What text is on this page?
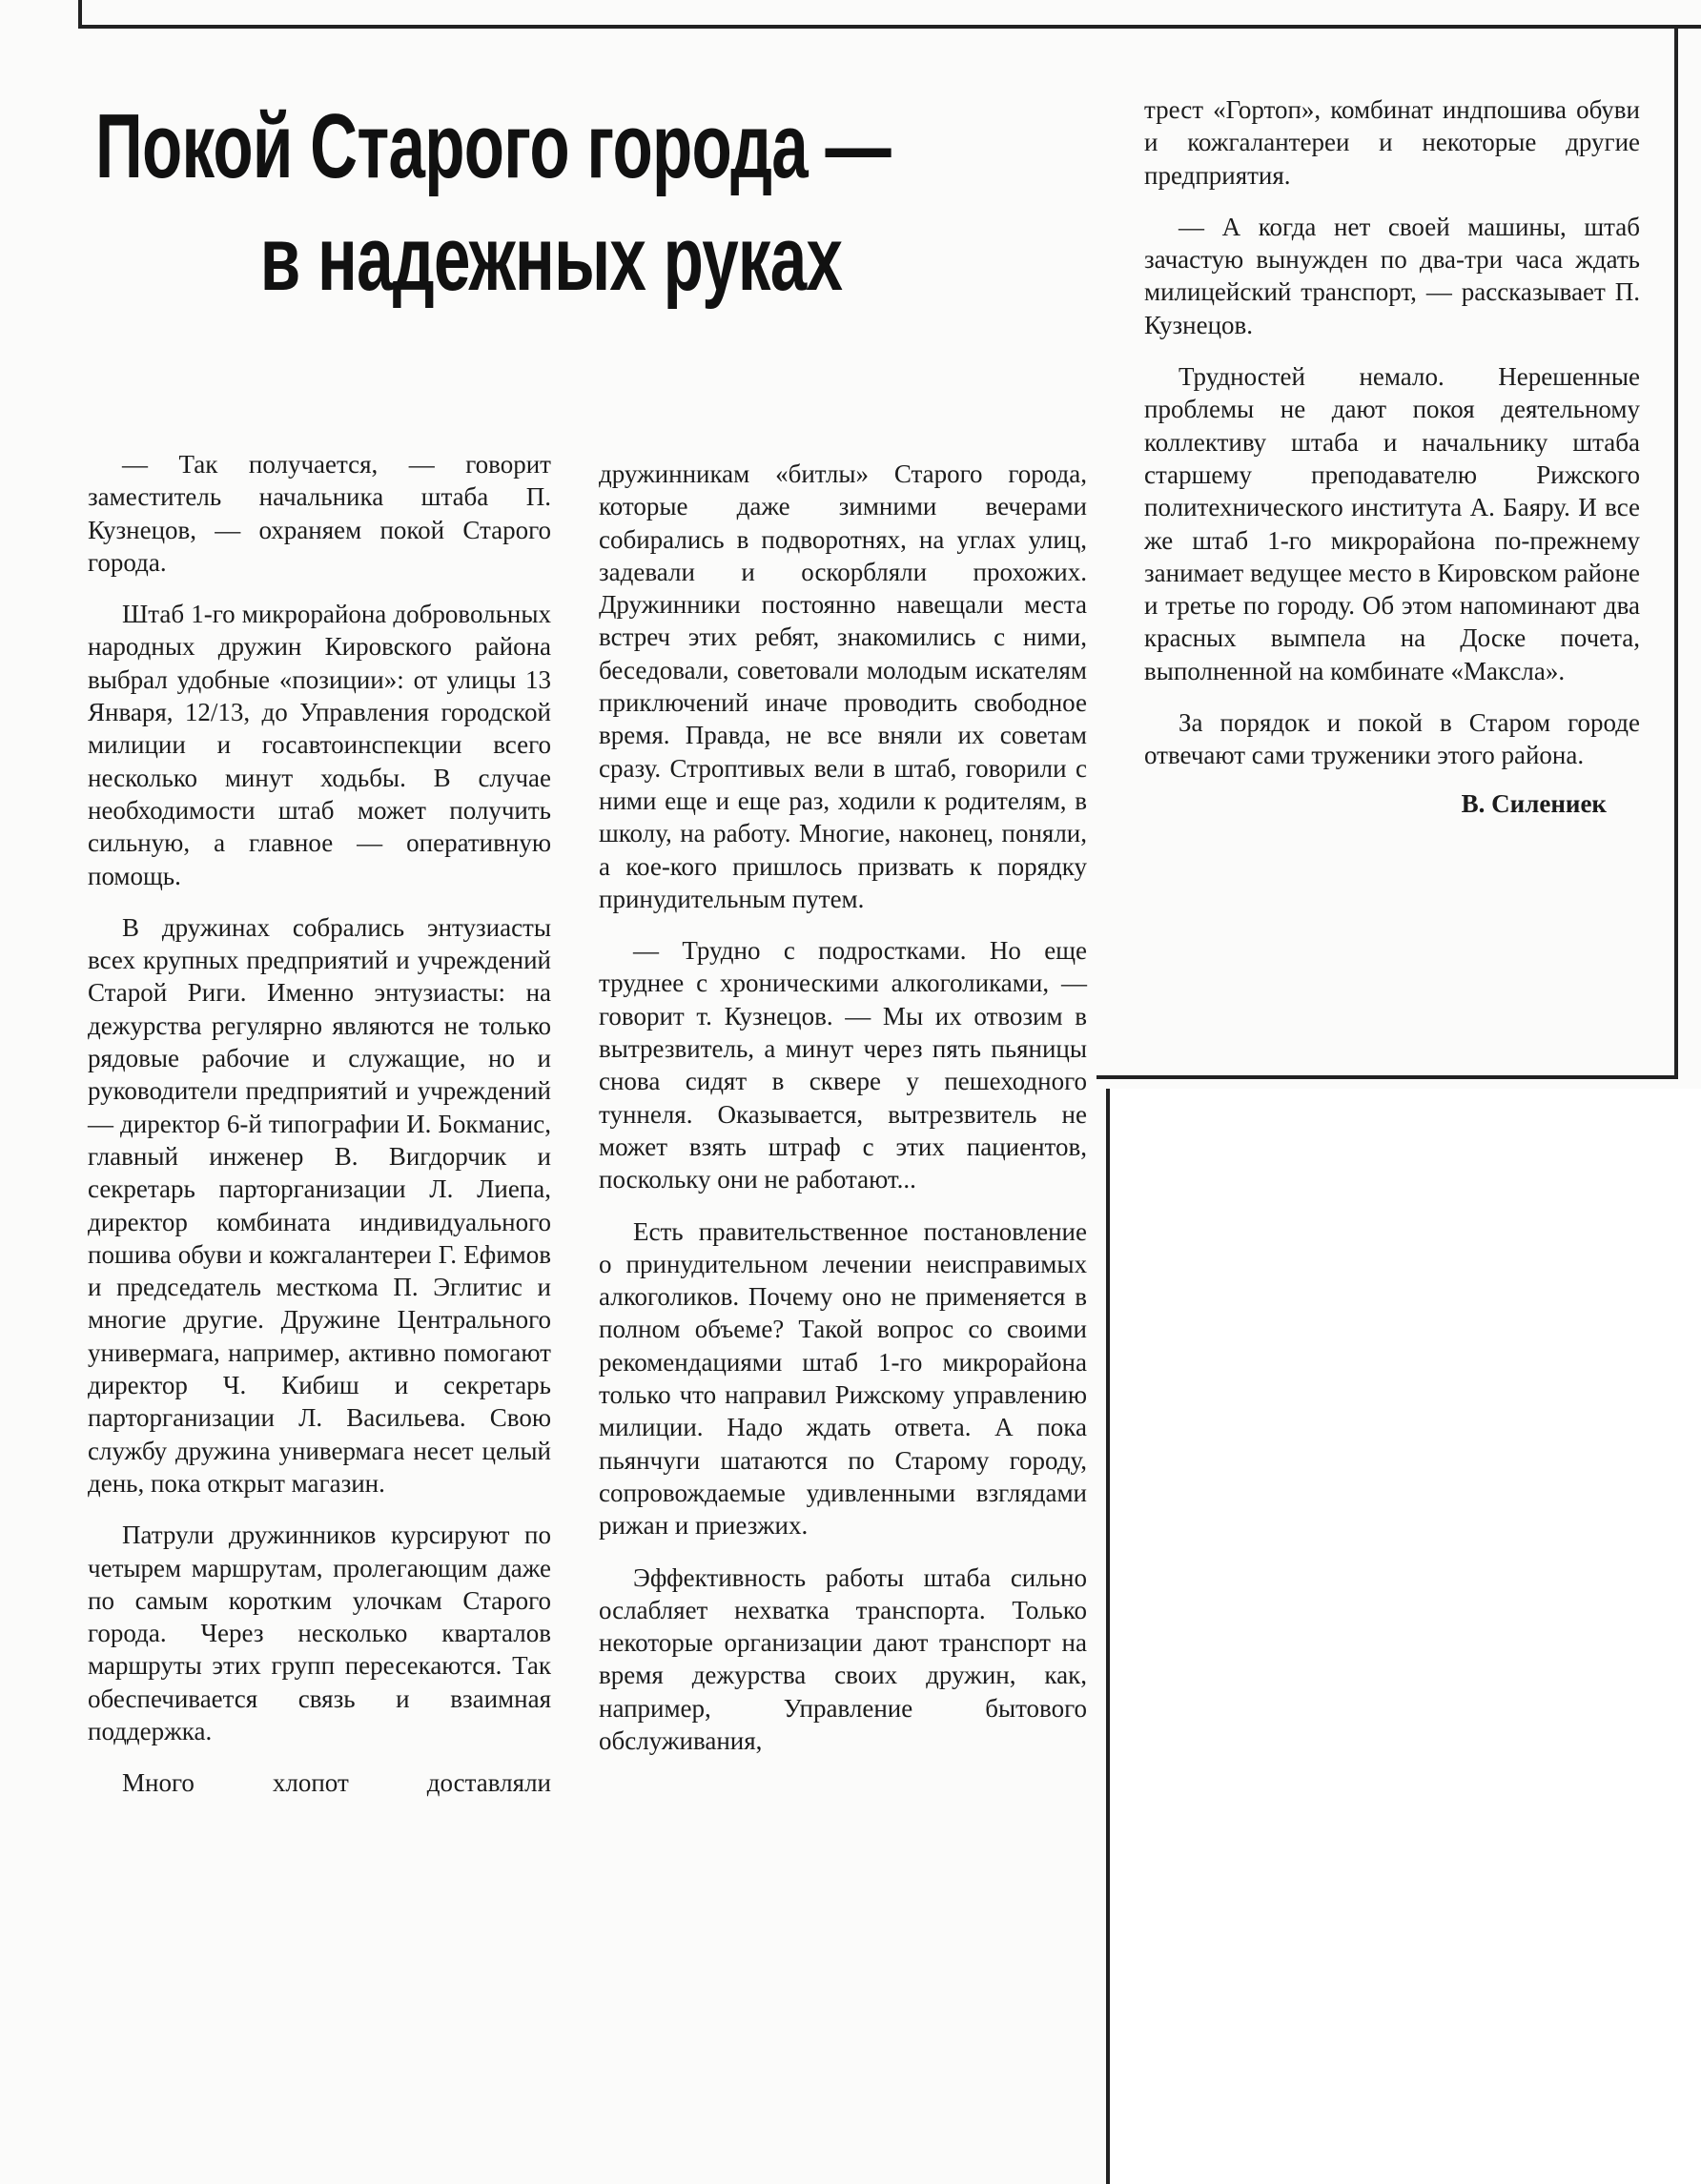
Покой Старого города —
в надежных руках

— Так получается, — говорит заместитель начальника штаба П. Кузнецов, — охраняем покой Старого города.

Штаб 1-го микрорайона добровольных народных дружин Кировского района выбрал удобные «позиции»: от улицы 13 Января, 12/13, до Управления городской милиции и госавтоинспекции всего несколько минут ходьбы. В случае необходимости штаб может получить сильную, а главное — оперативную помощь.

В дружинах собрались энтузиасты всех крупных предприятий и учреждений Старой Риги. Именно энтузиасты: на дежурства регулярно являются не только рядовые рабочие и служащие, но и руководители предприятий и учреждений — директор 6-й типографии И. Бокманис, главный инженер В. Вигдорчик и секретарь парторганизации Л. Лиепа, директор комбината индивидуального пошива обуви и кожгалантереи Г. Ефимов и председатель месткома П. Эглитис и многие другие. Дружине Центрального универмага, например, активно помогают директор Ч. Кибиш и секретарь парторганизации Л. Васильева. Свою службу дружина универмага несет целый день, пока открыт магазин.

Патрули дружинников курсируют по четырем маршрутам, пролегающим даже по самым коротким улочкам Старого города. Через несколько кварталов маршруты этих групп пересекаются. Так обеспечивается связь и взаимная поддержка.

Много хлопот доставляли

дружинникам «битлы» Старого города, которые даже зимними вечерами собирались в подворотнях, на углах улиц, задевали и оскорбляли прохожих. Дружинники постоянно навещали места встреч этих ребят, знакомились с ними, беседовали, советовали молодым искателям приключений иначе проводить свободное время. Правда, не все вняли их советам сразу. Строптивых вели в штаб, говорили с ними еще и еще раз, ходили к родителям, в школу, на работу. Многие, наконец, поняли, а кое-кого пришлось призвать к порядку принудительным путем.

— Трудно с подростками. Но еще труднее с хроническими алкоголиками, — говорит т. Кузнецов. — Мы их отвозим в вытрезвитель, а минут через пять пьяницы снова сидят в сквере у пешеходного туннеля. Оказывается, вытрезвитель не может взять штраф с этих пациентов, поскольку они не работают...

Есть правительственное постановление о принудительном лечении неисправимых алкоголиков. Почему оно не применяется в полном объеме? Такой вопрос со своими рекомендациями штаб 1-го микрорайона только что направил Рижскому управлению милиции. Надо ждать ответа. А пока пьянчуги шатаются по Старому городу, сопровождаемые удивленными взглядами рижан и приезжих.

Эффективность работы штаба сильно ослабляет нехватка транспорта. Только некоторые организации дают транспорт на время дежурства своих дружин, как, например, Управление бытового обслуживания,

трест «Гортоп», комбинат индпошива обуви и кожгалантереи и некоторые другие предприятия.

— А когда нет своей машины, штаб зачастую вынужден по два-три часа ждать милицейский транспорт, — рассказывает П. Кузнецов.

Трудностей немало. Нерешенные проблемы не дают покоя деятельному коллективу штаба и начальнику штаба старшему преподавателю Рижского политехнического института А. Баяру. И все же штаб 1-го микрорайона по-прежнему занимает ведущее место в Кировском районе и третье по городу. Об этом напоминают два красных вымпела на Доске почета, выполненной на комбинате «Максла».

За порядок и покой в Старом городе отвечают сами труженики этого района.

В. Силениек
